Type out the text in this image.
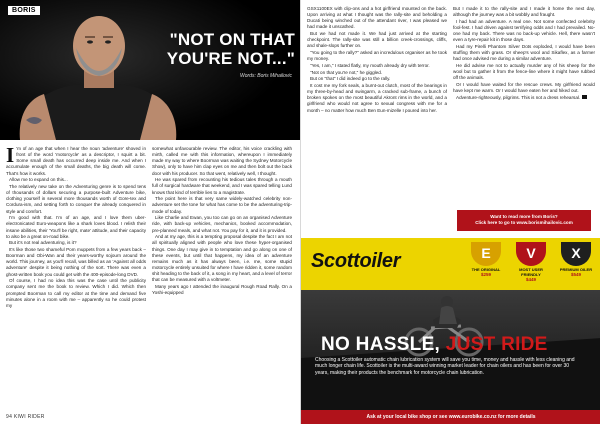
BORIS
"NOT ON THAT YOU'RE NOT..."
Words: Boris Mihailovic

I 'm of an age that when I hear the noun 'adventure' shoved in front of the word 'motorcycle' as a descriptor, I squirt a bit. Some small death has occurred deep inside me. And when I accumulate enough of the small deaths, the big death will come. That's how it works.

Allow me to expand on this...

The relatively new take on the Adventuring genre is to spend tens of thousands of dollars securing a purpose-built Adventure bike, clothing yourself in several more thousands worth of Gore-tex and Cordura-ism, and setting forth to conquer the already conquered in style and comfort.

I'm good with that. I'm of an age, and I love them uber-electronicated Euro-weapons like a shark loves blood. I relish their insane abilities, their 'You'll be right, mate' attitude, and their capacity to also be a great on-road bike.

But it's not real adventuring, is it?

It's like those two shameful Pom muppets from a few years back – Boorman and Obi-Wan and their years-worthy sojourn around the world. This journey, as you'll recall, was billed as an 'Against all odds adventure' despite it being nothing of the sort. There was even a ghost-written book you could get with the 400-episode-long DVD.

Of course, I had no idea this was the case until the publicity company sent me the book to review. Which I did. Which then prompted Boorman to call my editor at the time and demand five minutes alone in a room with me – apparently so he could protest my

somewhat unfavourable review. The editor, his voice crackling with mirth, called me with this information, whereupon I immediately made my way to where Boorman was waiting the Sydney Motorcycle Show), only to have him clap eyes on me and then bolt out the back door with his producer. So that went, relatively well, I thought.

He was spared from recounting his tedious tales through a mouth full of surgical hardware that weekend, and I was spared telling Lund knows that kind of terrible lies to a magistrate.

The point here is that very same widely-watched celebrity non-adventure set the tone for what has come to be the adventuring-trip-mode of today.

Like Charlie and Ewan, you too can go on an organised Adventure ride, with back-up vehicles, mechanics, booked accommodation, pre-planned meals, and what not. You pay for it, and it is provided.

And at my age, this is a tempting proposal despite the fact I am not all spiritually aligned with people who love these hyper-organised things. One day I may give in to temptation and go along on one of these events, but until that happens, my idea of an adventure remains much as it has always been, i.e. me, some stupid motorcycle entirely unsuited for where I have ridden it, some random shit heading to the back of it, a song in my heart, and a level of terror that can be measured with a voltmeter.

Many years ago I attended the inaugural Rough Road Rally. On a Yoshi-equipped

94 KIWI RIDER

GSX1100EX with clip-ons and a hot girlfriend mounted on the back. Upon arriving at what I thought was the rally-site and beholding a Ducati being winched out of the attendant river, I was pleased we had made it unscathed.

But we had not made it. We had just arrived at the starting checkpoint. The rally-site was still a billion creek-crossings, cliffs, and shale-slops further on.

"You going to the rally?" asked an incredulous organiser as he took my money.

"Yes, I am," I stated flatly, my mouth already dry with terror.

"Not on that you're not," he giggled.

But on "that" I did indeed go to the rally.

It cost me my fork seals, a burnt-out clutch, most of the bearings in my three-by-head and swingarm, a cracked sub-frame, a bunch of broken spokes on the most beautiful Akront rims in the world, and a girlfriend who would not agree to sexual congress with me for a month – no matter how much Ben Eun-mizelle I poured into her.

But I made it to the rally-site and I made it home the next day, although the journey was a bit wobbly and fraught.

I had had an adventure. A real one. Not some confected celebrity fool-fest. I had driven against terrifying odds and I had prevailed. No-one had my back. There was no back-up vehicle. Hell, there wasn't even a tyre-repair kit in those days.

Had my Pirelli Phantom Silver Dots exploded, I would have been stuffing them with grass. Or sheep's wool and Sikaflex, as a farmer had once advised me during a similar adventure.

He did advise me not to actually murder any of his sheep for the wool but to gather it from the fence-line where it might have rubbed off the animals.

Or I would have waited for the rescue crews. My girlfriend would have kept me warm. Or I would have eaten her and hiked out.

Adventure-righteously, pilgrims. This is not a dress rehearsal.

Want to read more from Boris?
Click here to go to www.borismihailovic.com
Scottoiler	E
THE ORIGINAL
$259
V
MOST USER FRIENDLY
$449
X
PREMIUM OILER
$549
NO HASSLE, JUST RIDE
Choosing a Scottoiler automatic chain lubrication system will save you time, money and hassle with less cleaning and much longer chain life. Scottoiler is the multi-award winning market leader for chain oilers and has been for over 30 years, making their products the benchmark for motorcycle chain lubrication.
Ask at your local bike shop or see www.eurobike.co.nz for more details
